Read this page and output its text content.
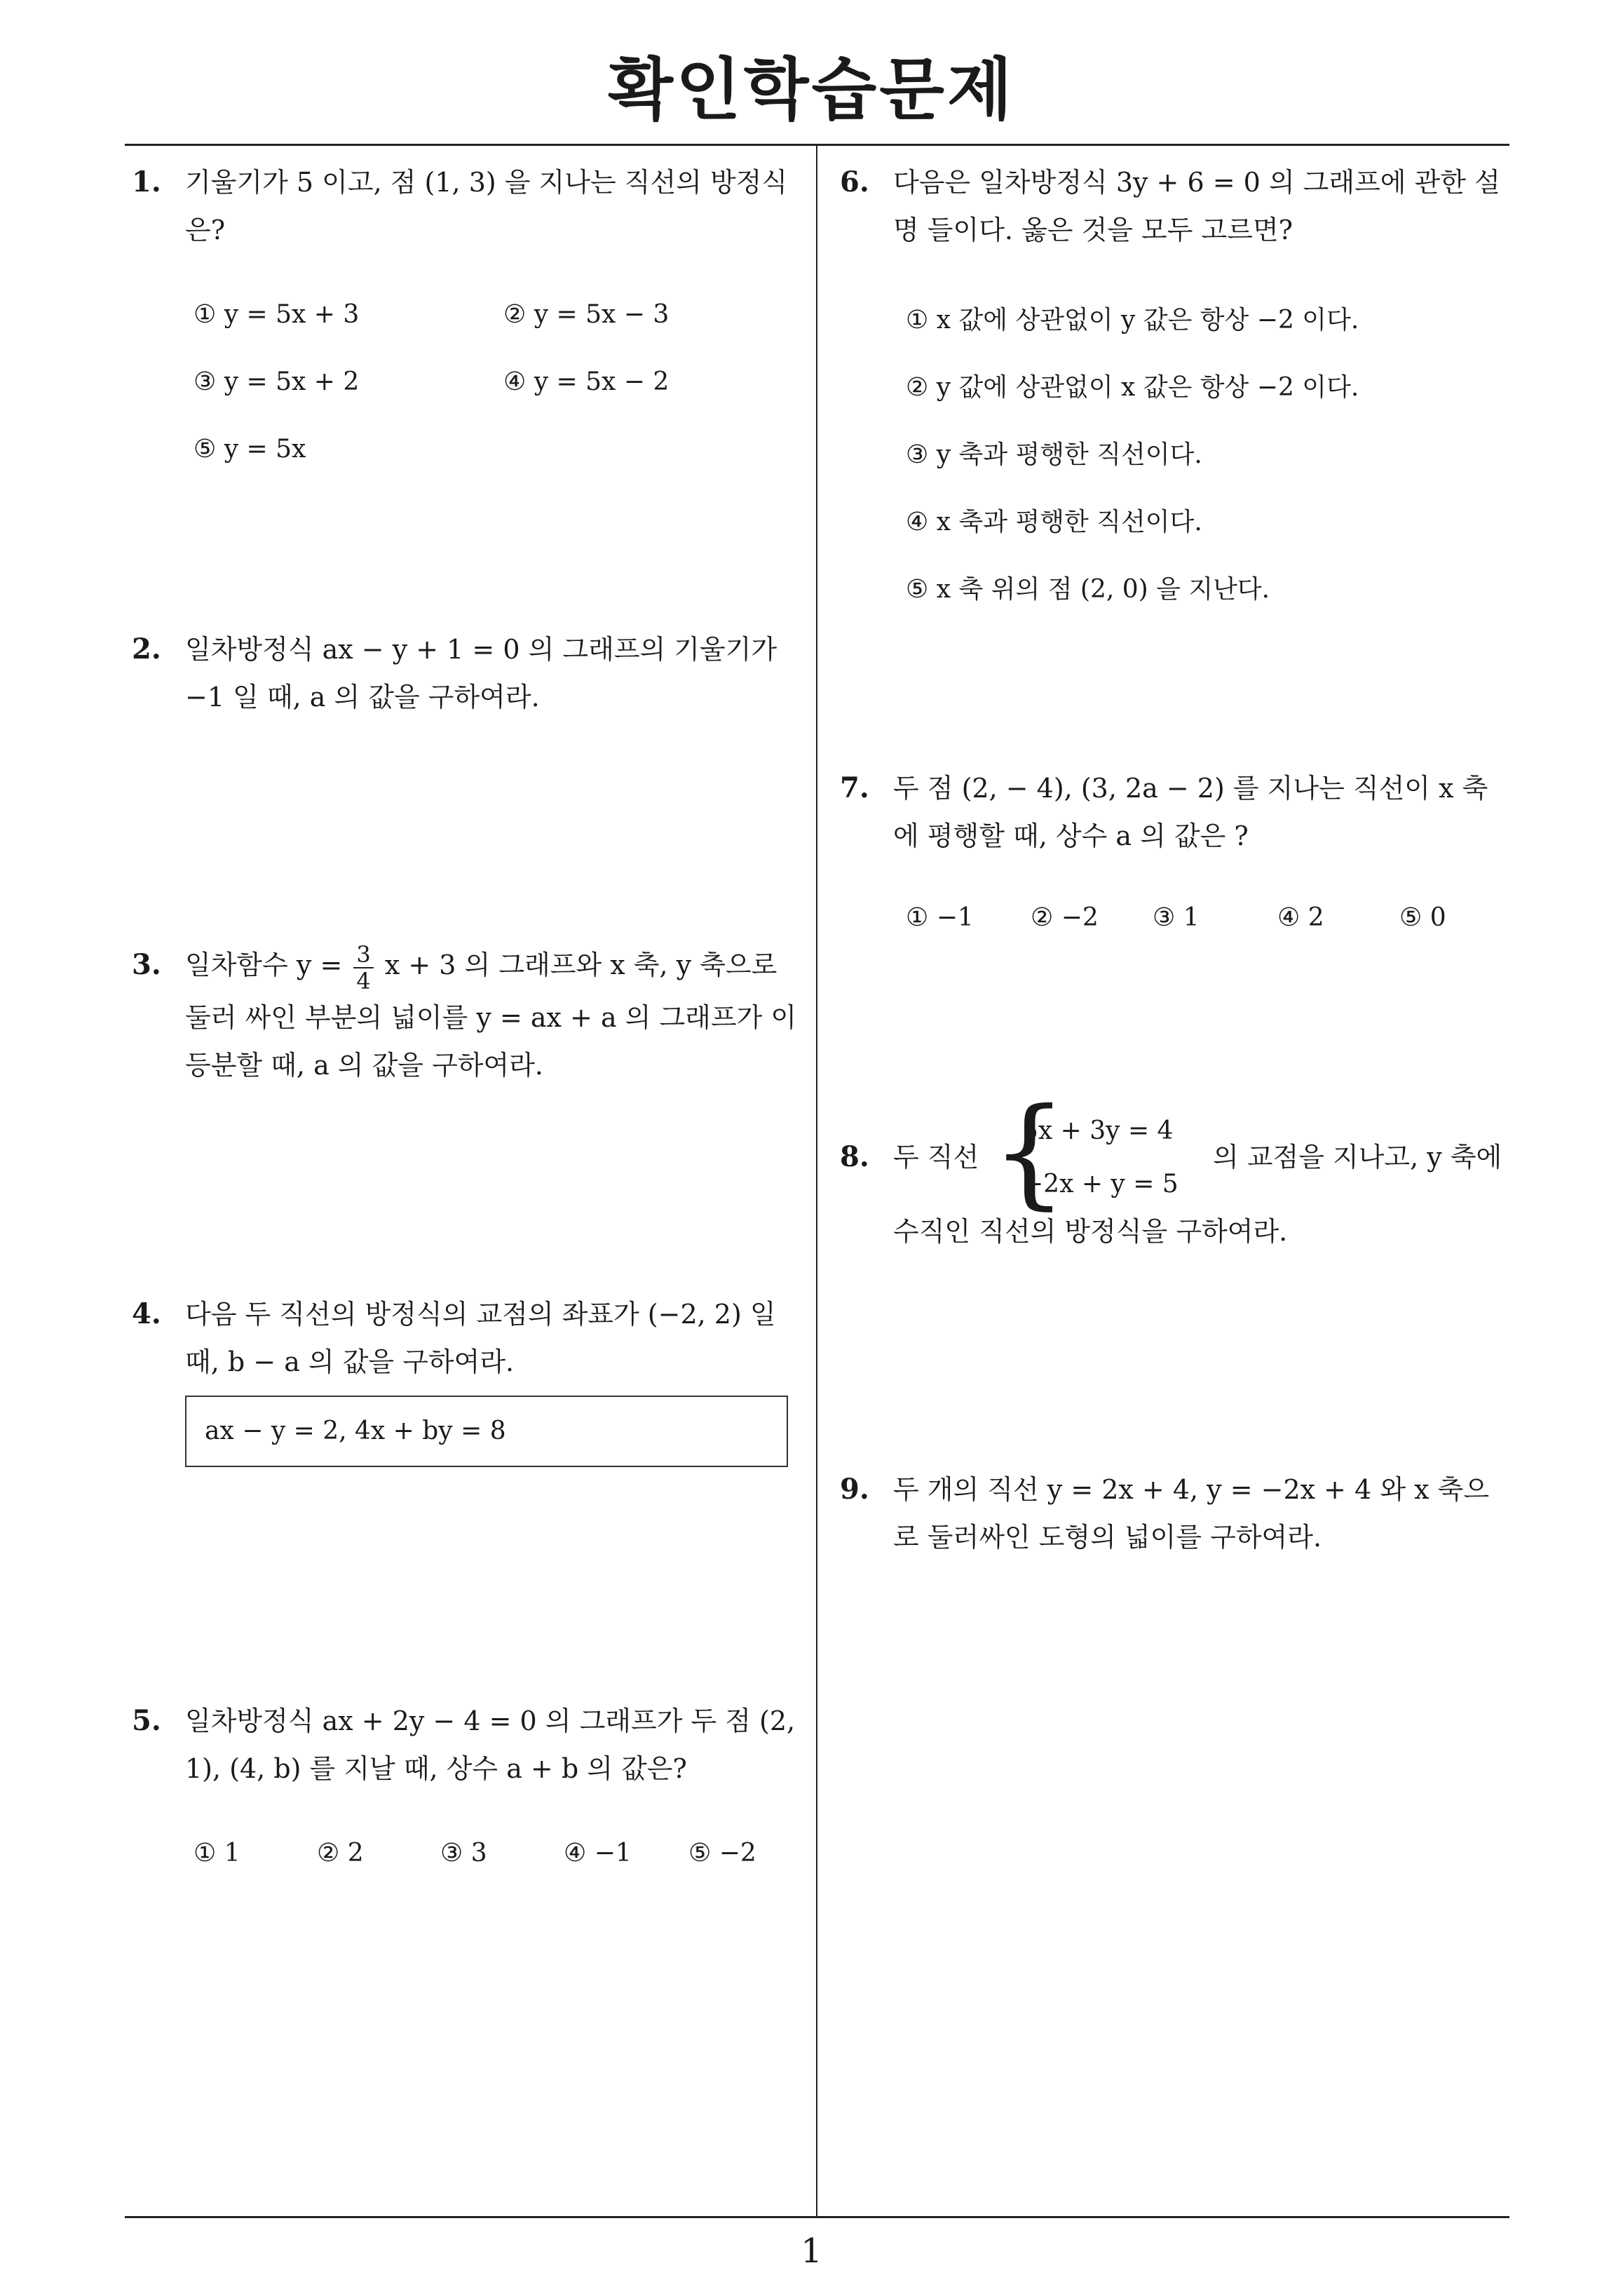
확인학습문제
1
1. 기울기가 5 이고, 점 (1, 3) 을 지나는 직선의 방정식 은?
① y = 5x + 3	② y = 5x − 3
③ y = 5x + 2	④ y = 5x − 2
⑤ y = 5x
2. 일차방정식 ax − y + 1 = 0 의 그래프의 기울기가 −1 일 때, a 의 값을 구하여라.
3. 일차함수 $y = \frac{3}{4}$ x + 3 의 그래프와 x 축, y 축으로 둘러 싸인 부분의 넓이를 y = ax + a 의 그래프가 이등분할 때, a 의 값을 구하여라.
4. 다음 두 직선의 방정식의 교점의 좌표가 (−2, 2) 일 때, b − a 의 값을 구하여라.
ax − y = 2, 4x + by = 8
5. 일차방정식 ax + 2y − 4 = 0 의 그래프가 두 점 (2, 1), (4, b) 를 지날 때, 상수 a + b 의 값은?
① 1	② 2	③ 3	④ −1 ⑤ −2
6. 다음은 일차방정식 3y + 6 = 0 의 그래프에 관한 설명 들이다. 옳은 것을 모두 고르면?
① x 값에 상관없이 y 값은 항상 −2 이다.
② y 값에 상관없이 x 값은 항상 −2 이다.
③ y 축과 평행한 직선이다.
④ x 축과 평행한 직선이다.
⑤ x 축 위의 점 (2, 0) 을 지난다.
7. 두 점 (2, − 4), (3, 2a − 2) 를 지나는 직선이 x 축에 평행할 때, 상수 a 의 값은 ?
① −1 ② −2 ③ 1	④ 2	⑤ 0
8. 두 직선 {
5x + 3y = 4
−2x + y = 5
의 교점을 지나고, y 축에
수직인 직선의 방정식을 구하여라.
9. 두 개의 직선 y = 2x + 4, y = −2x + 4 와 x 축으로 둘러싸인 도형의 넓이를 구하여라.
